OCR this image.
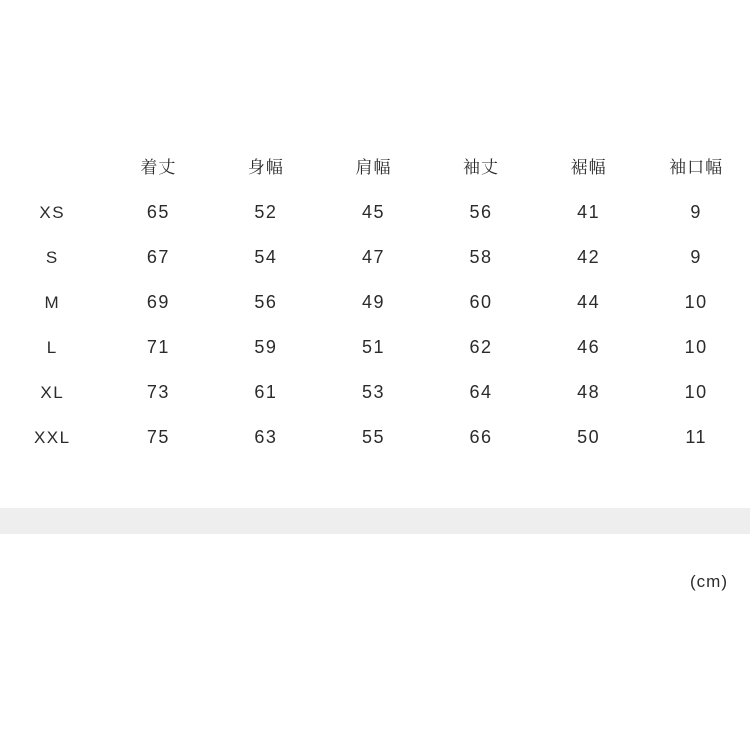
	着丈	身幅	肩幅	袖丈	裾幅	袖口幅
XS	65	52	45	56	41	9
S	67	54	47	58	42	9
M	69	56	49	60	44	10
L	71	59	51	62	46	10
XL	73	61	53	64	48	10
XXL	75	63	55	66	50	11
(cm)
